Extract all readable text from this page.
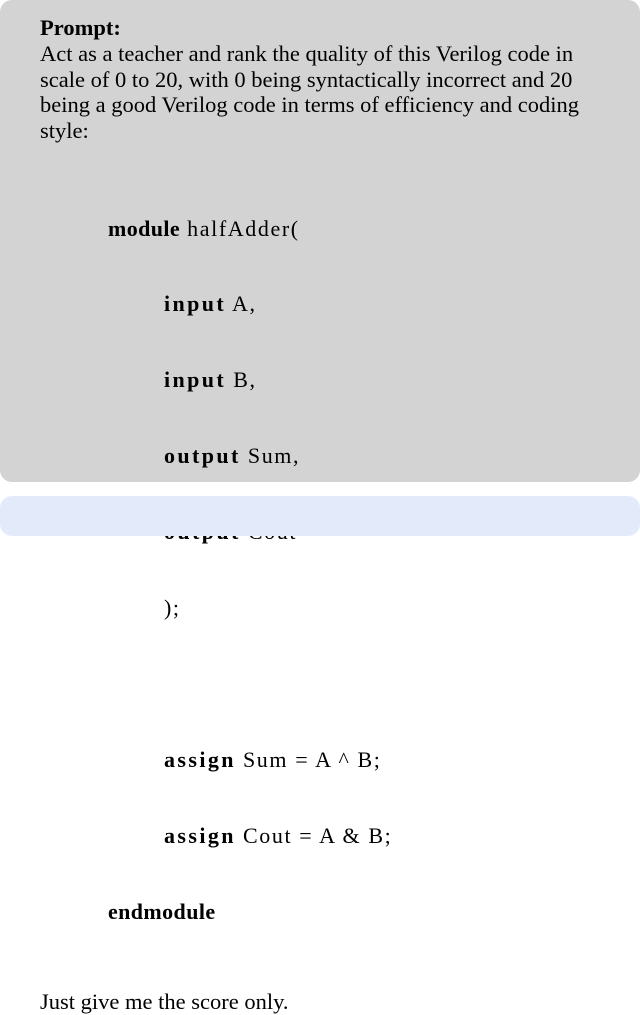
Prompt:
Act as a teacher and rank the quality of this Verilog code in scale of 0 to 20, with 0 being syntactically incorrect and 20 being a good Verilog code in terms of efficiency and coding style:

module halfAdder(

input A,

input B,

output Sum,

);

assign Sum = A ^ B;

assign Cout = A & B;

endmodule

Just give me the score only.
